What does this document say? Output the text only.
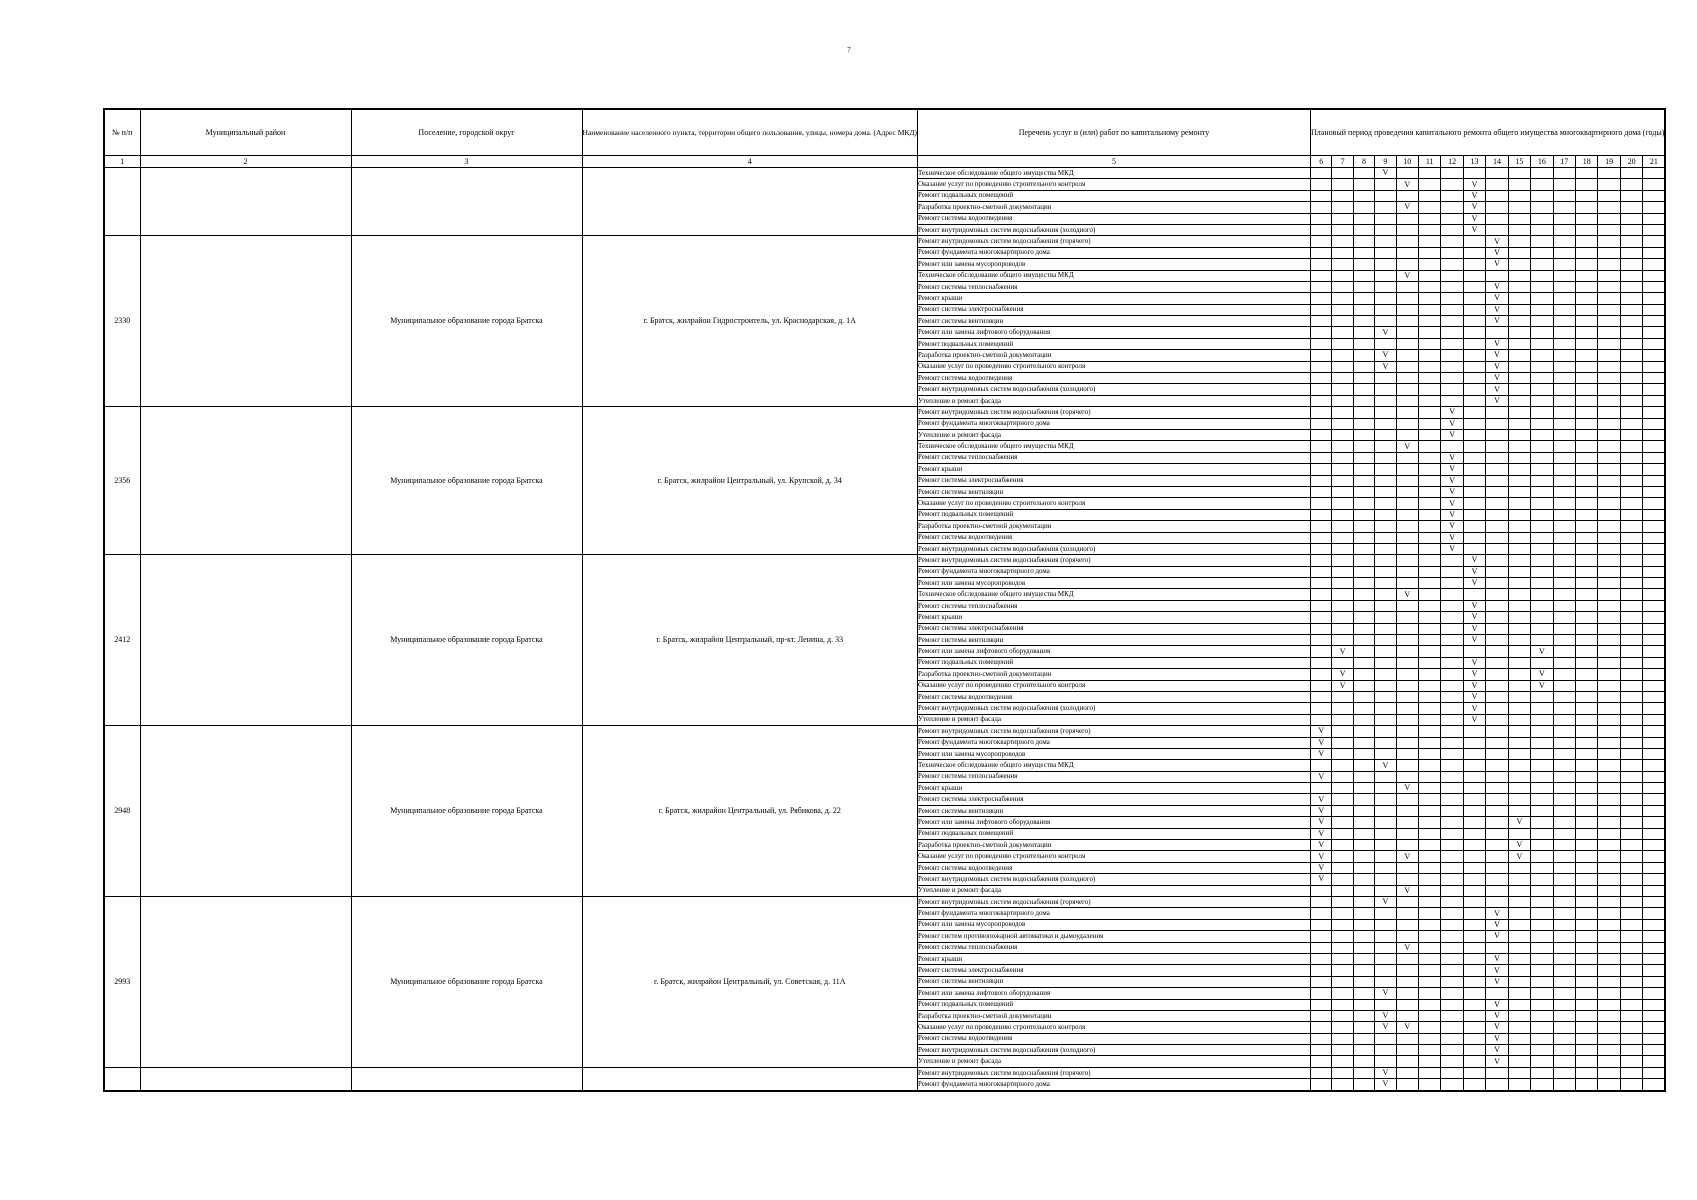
7
№ п/п	Муниципальный район	Поселение, городской округ	Наименование населенного пункта, территории общего пользования, улицы, номера дома. (Адрес МКД)	Перечень услуг и (или) работ по капитальному ремонту	Плановый период проведения капитального ремонта общего имущества многоквартирного дома (годы)															
1	2	3	4	5	6	7	8	9	10	11	12	13	14	15	16	17	18	19	20	21
				Техническое обследование общего имущества МКД				V												
				Оказание услуг по проведению строительного контроля					V			V								
				Ремонт подвальных помещений								V								
				Разработка проектно-сметной документации					V			V								
				Ремонт системы водоотведения								V								
				Ремонт внутридомовых систем водоснабжения (холодного)								V								
2330		Муниципальное образование города Братска	г. Братск, жилрайон Гидростроитель, ул. Краснодарская, д. 1А	Ремонт внутридомовых систем водоснабжения (горячего)									V							
				Ремонт фундамента многоквартирного дома									V							
				Ремонт или замена мусоропроводов									V							
				Техническое обследование общего имущества МКД					V											
				Ремонт системы теплоснабжения									V							
				Ремонт крыши									V							
				Ремонт системы электроснабжения									V							
				Ремонт системы вентиляции									V							
				Ремонт или замена лифтового оборудования				V												
				Ремонт подвальных помещений									V							
				Разработка проектно-сметной документации				V					V							
				Оказание услуг по проведению строительного контроля				V					V							
				Ремонт системы водоотведения									V							
				Ремонт внутридомовых систем водоснабжения (холодного)									V							
				Утепление и ремонт фасада									V							
2356		Муниципальное образование города Братска	г. Братск, жилрайон Центральный, ул. Крупской, д. 34	Ремонт внутридомовых систем водоснабжения (горячего)							V									
				Ремонт фундамента многоквартирного дома							V									
				Утепление и ремонт фасада							V									
				Техническое обследование общего имущества МКД					V											
				Ремонт системы теплоснабжения							V									
				Ремонт крыши							V									
				Ремонт системы электроснабжения							V									
				Ремонт системы вентиляции							V									
				Оказание услуг по проведению строительного контроля							V									
				Ремонт подвальных помещений							V									
				Разработка проектно-сметной документации							V									
				Ремонт системы водоотведения							V									
				Ремонт внутридомовых систем водоснабжения (холодного)							V									
2412		Муниципальное образование города Братска	г. Братск, жилрайон Центральный, пр-кт. Ленина, д. 33	Ремонт внутридомовых систем водоснабжения (горячего)								V								
				Ремонт фундамента многоквартирного дома								V								
				Ремонт или замена мусоропроводов								V								
				Техническое обследование общего имущества МКД					V											
				Ремонт системы теплоснабжения								V								
				Ремонт крыши								V								
				Ремонт системы электроснабжения								V								
				Ремонт системы вентиляции								V								
				Ремонт или замена лифтового оборудования		V									V					
				Ремонт подвальных помещений								V								
				Разработка проектно-сметной документации		V						V			V					
				Оказание услуг по проведению строительного контроля		V						V			V					
				Ремонт системы водоотведения								V								
				Ремонт внутридомовых систем водоснабжения (холодного)								V								
				Утепление и ремонт фасада								V								
2948		Муниципальное образование города Братска	г. Братск, жилрайон Центральный, ул. Рябикова, д. 22	Ремонт внутридомовых систем водоснабжения (горячего)	V															
				Ремонт фундамента многоквартирного дома	V															
				Ремонт или замена мусоропроводов	V															
				Техническое обследование общего имущества МКД				V												
				Ремонт системы теплоснабжения	V															
				Ремонт крыши					V											
				Ремонт системы электроснабжения	V															
				Ремонт системы вентиляции	V															
				Ремонт или замена лифтового оборудования	V									V						
				Ремонт подвальных помещений	V															
				Разработка проектно-сметной документации	V									V						
				Оказание услуг по проведению строительного контроля	V				V					V						
				Ремонт системы водоотведения	V															
				Ремонт внутридомовых систем водоснабжения (холодного)	V															
				Утепление и ремонт фасада					V											
2993		Муниципальное образование города Братска	г. Братск, жилрайон Центральный, ул. Советская, д. 11А	Ремонт внутридомовых систем водоснабжения (горячего)				V												
				Ремонт фундамента многоквартирного дома									V							
				Ремонт или замена мусоропроводов									V							
				Ремонт систем противопожарной автоматики и дымоудаления									V							
				Ремонт системы теплоснабжения					V											
				Ремонт крыши									V							
				Ремонт системы электроснабжения									V							
				Ремонт системы вентиляции									V							
				Ремонт или замена лифтового оборудования				V												
				Ремонт подвальных помещений									V							
				Разработка проектно-сметной документации				V					V							
				Оказание услуг по проведению строительного контроля				V	V				V							
				Ремонт системы водоотведения									V							
				Ремонт внутридомовых систем водоснабжения (холодного)									V							
				Утепление и ремонт фасада									V							
				Ремонт внутридомовых систем водоснабжения (горячего)				V												
				Ремонт фундамента многоквартирного дома				V												
